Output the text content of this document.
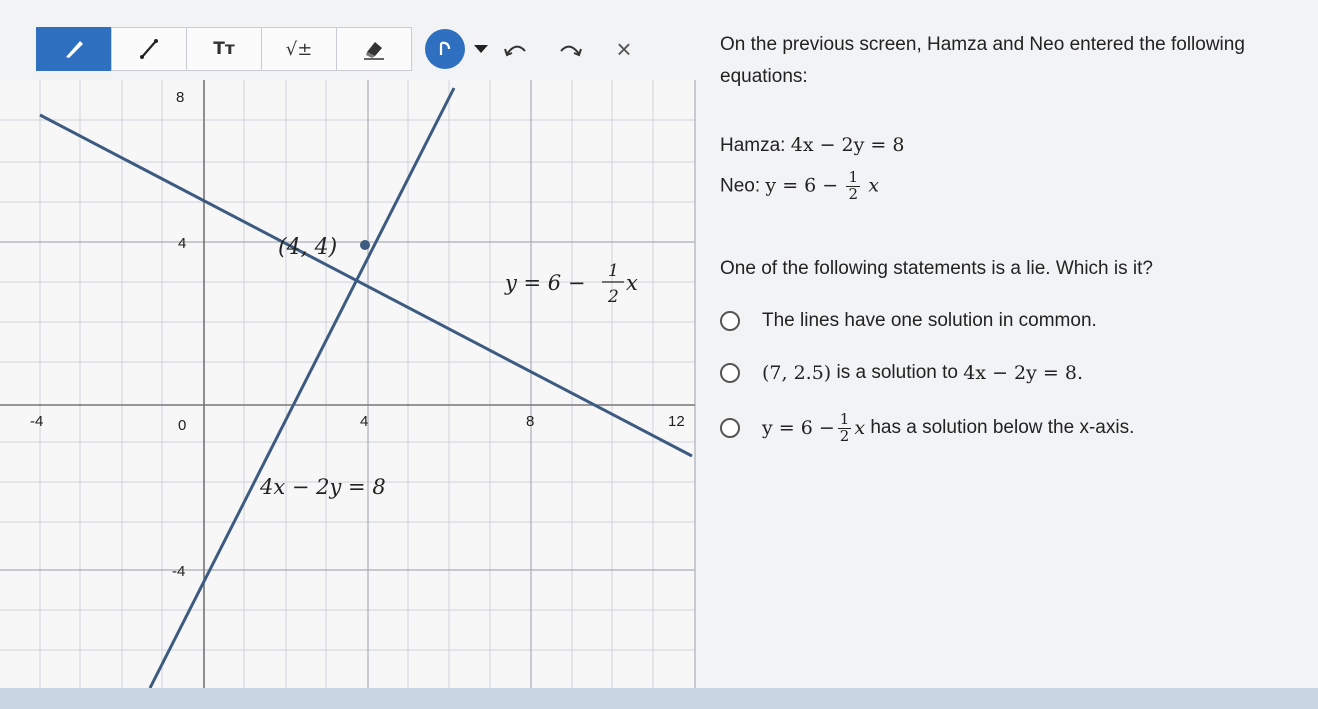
Tт	√±	×
-4	0	4	8	12
8
4
-4
(4, 4)
y = 6 − 1
2
x
4x − 2y = 8
On the previous screen, Hamza and Neo entered the following
equations:
Hamza: 4x − 2y = 8
Neo: $y = 6 - \frac{1}{2}$ x
One of the following statements is a lie. Which is it?
The lines have one solution in common.
(7, 2.5) is a solution to 4x − 2y = 8.
$y = 6 - \frac{1}{2}$ x has a solution below the x-axis.
